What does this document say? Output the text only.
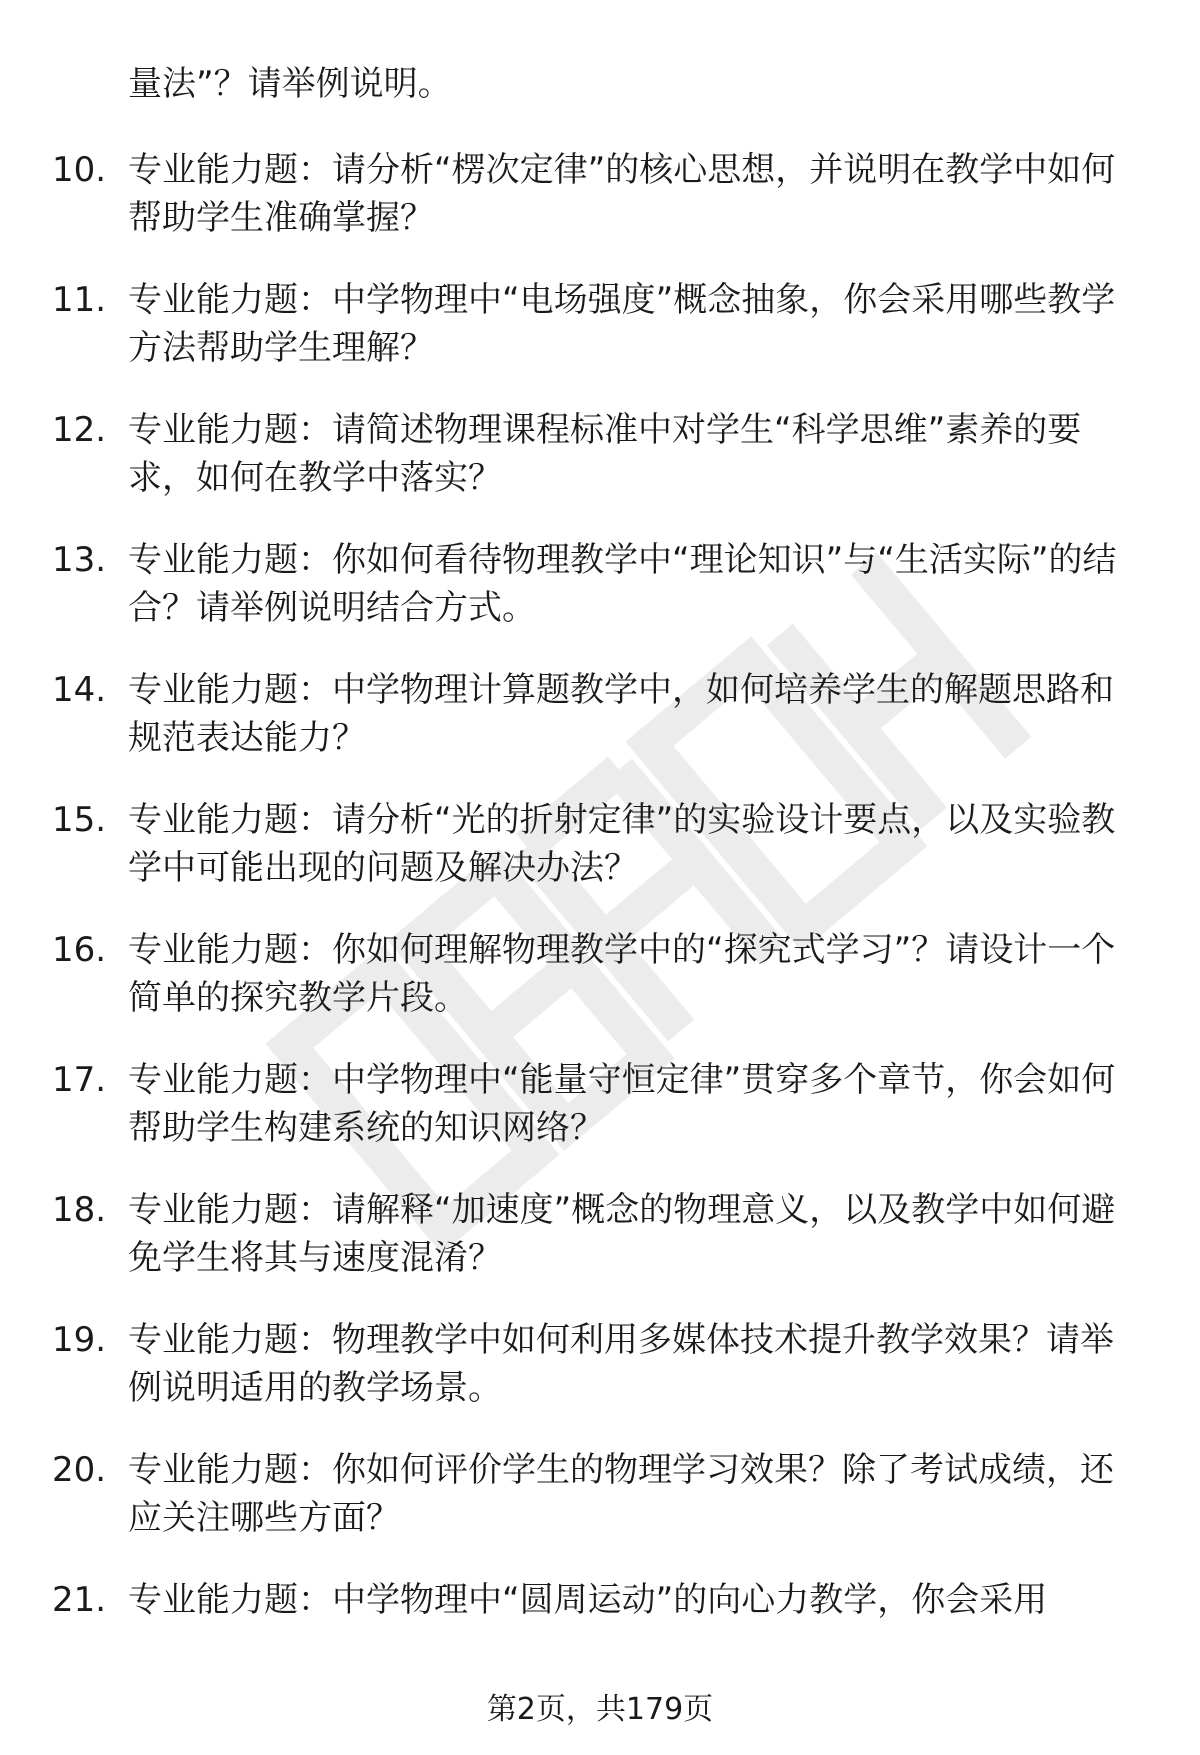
量法”？请举例说明。

10. 专业能力题：请分析“楞次定律”的核心思想，并说明在教学中如何帮助学生准确掌握？

11. 专业能力题：中学物理中“电场强度”概念抽象，你会采用哪些教学方法帮助学生理解？

12. 专业能力题：请简述物理课程标准中对学生“科学思维”素养的要求，如何在教学中落实？

13. 专业能力题：你如何看待物理教学中“理论知识”与“生活实际”的结合？请举例说明结合方式。

14. 专业能力题：中学物理计算题教学中，如何培养学生的解题思路和规范表达能力？

15. 专业能力题：请分析“光的折射定律”的实验设计要点，以及实验教学中可能出现的问题及解决办法？

16. 专业能力题：你如何理解物理教学中的“探究式学习”？请设计一个简单的探究教学片段。

17. 专业能力题：中学物理中“能量守恒定律”贯穿多个章节，你会如何帮助学生构建系统的知识网络？

18. 专业能力题：请解释“加速度”概念的物理意义，以及教学中如何避免学生将其与速度混淆？

19. 专业能力题：物理教学中如何利用多媒体技术提升教学效果？请举例说明适用的教学场景。

20. 专业能力题：你如何评价学生的物理学习效果？除了考试成绩，还应关注哪些方面？

21. 专业能力题：中学物理中“圆周运动”的向心力教学，你会采用

第2页，共179页
